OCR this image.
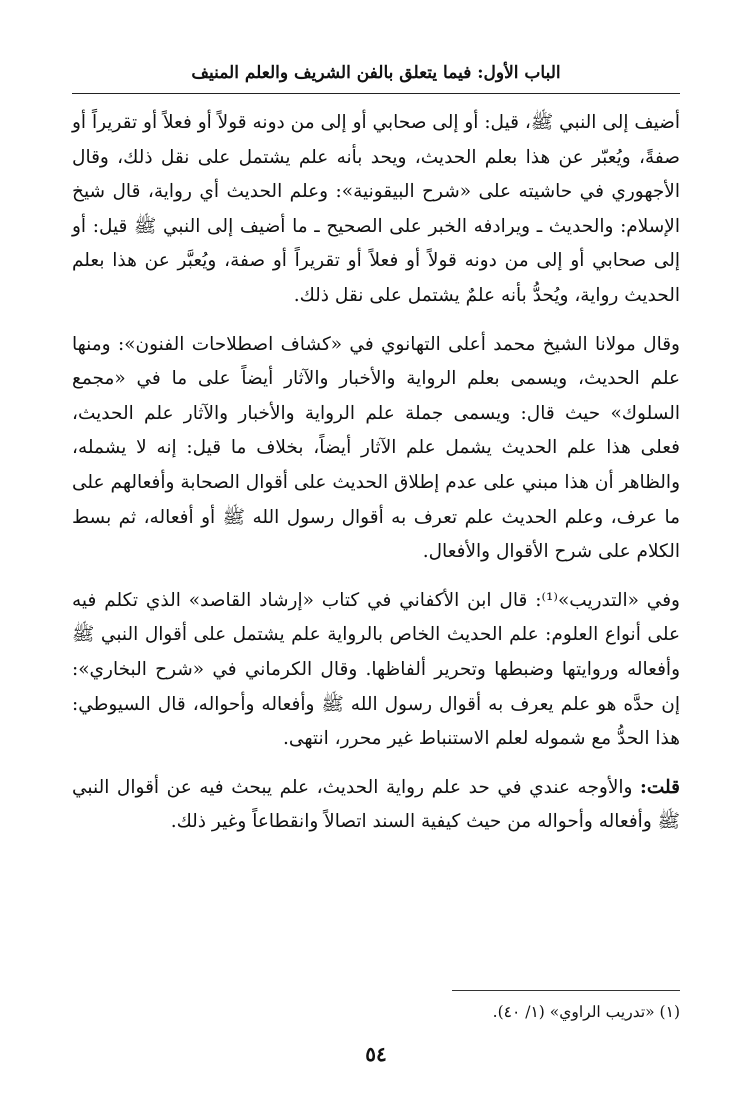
الباب الأول: فيما يتعلق بالفن الشريف والعلم المنيف

أضيف إلى النبي ﷺ، قيل: أو إلى صحابي أو إلى من دونه قولاً أو فعلاً أو تقريراً أو صفةً، ويُعبّر عن هذا بعلم الحديث، ويحد بأنه علم يشتمل على نقل ذلك، وقال الأجهوري في حاشيته على «شرح البيقونية»: وعلم الحديث أي رواية، قال شيخ الإسلام: والحديث ـ ويرادفه الخبر على الصحيح ـ ما أضيف إلى النبي ﷺ قيل: أو إلى صحابي أو إلى من دونه قولاً أو فعلاً أو تقريراً أو صفة، ويُعبَّر عن هذا بعلم الحديث رواية، ويُحدُّ بأنه علمٌ يشتمل على نقل ذلك.

وقال مولانا الشيخ محمد أعلى التهانوي في «كشاف اصطلاحات الفنون»: ومنها علم الحديث، ويسمى بعلم الرواية والأخبار والآثار أيضاً على ما في «مجمع السلوك» حيث قال: ويسمى جملة علم الرواية والأخبار والآثار علم الحديث، فعلى هذا علم الحديث يشمل علم الآثار أيضاً، بخلاف ما قيل: إنه لا يشمله، والظاهر أن هذا مبني على عدم إطلاق الحديث على أقوال الصحابة وأفعالهم على ما عرف، وعلم الحديث علم تعرف به أقوال رسول الله ﷺ أو أفعاله، ثم بسط الكلام على شرح الأقوال والأفعال.

وفي «التدريب»⁽¹⁾: قال ابن الأكفاني في كتاب «إرشاد القاصد» الذي تكلم فيه على أنواع العلوم: علم الحديث الخاص بالرواية علم يشتمل على أقوال النبي ﷺ وأفعاله وروايتها وضبطها وتحرير ألفاظها. وقال الكرماني في «شرح البخاري»: إن حدَّه هو علم يعرف به أقوال رسول الله ﷺ وأفعاله وأحواله، قال السيوطي: هذا الحدُّ مع شموله لعلم الاستنباط غير محرر، انتهى.

قلت: والأوجه عندي في حد علم رواية الحديث، علم يبحث فيه عن أقوال النبي ﷺ وأفعاله وأحواله من حيث كيفية السند اتصالاً وانقطاعاً وغير ذلك.

(١) «تدريب الراوي» (١/ ٤٠).
٥٤
